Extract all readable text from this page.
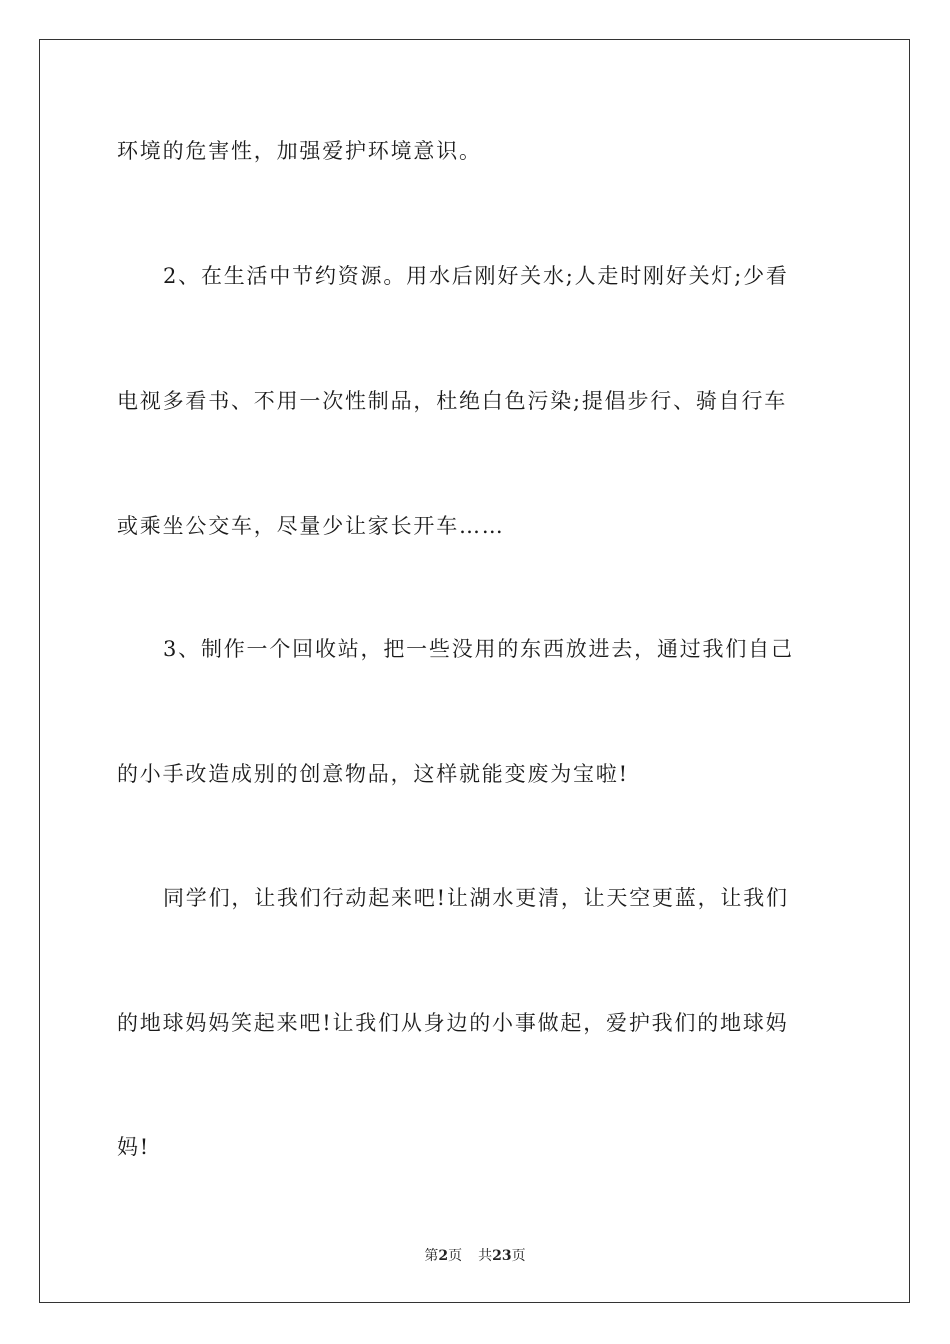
环境的危害性，加强爱护环境意识。
2、在生活中节约资源。用水后刚好关水;人走时刚好关灯;少看
电视多看书、不用一次性制品，杜绝白色污染;提倡步行、骑自行车
或乘坐公交车，尽量少让家长开车……
3、制作一个回收站，把一些没用的东西放进去，通过我们自己
的小手改造成别的创意物品，这样就能变废为宝啦!
同学们，让我们行动起来吧!让湖水更清，让天空更蓝，让我们
的地球妈妈笑起来吧!让我们从身边的小事做起，爱护我们的地球妈
妈!
第2页 共23页
